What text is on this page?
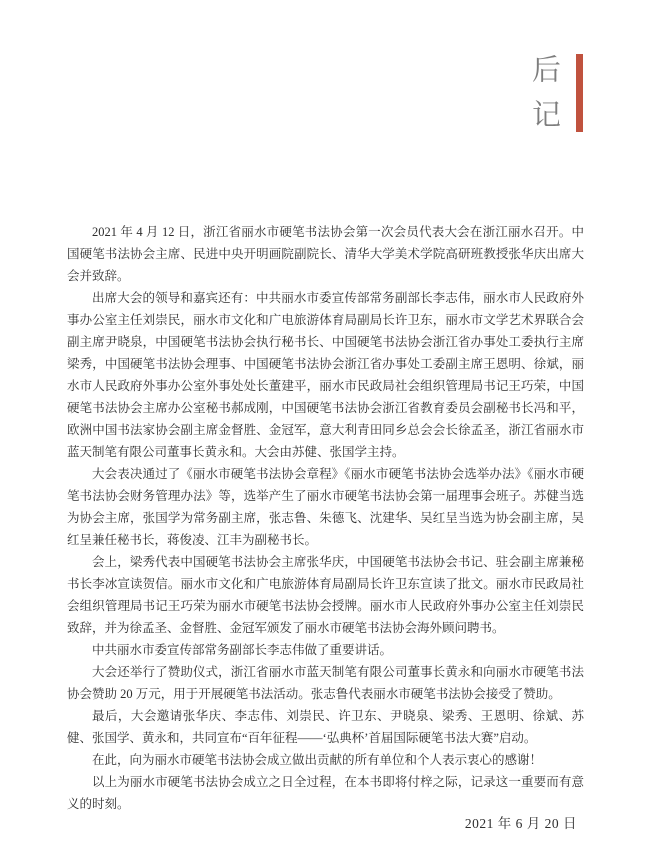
后记

2021 年 4 月 12 日，浙江省丽水市硬笔书法协会第一次会员代表大会在浙江丽水召开。中国硬笔书法协会主席、民进中央开明画院副院长、清华大学美术学院高研班教授张华庆出席大会并致辞。

出席大会的领导和嘉宾还有：中共丽水市委宣传部常务副部长李志伟，丽水市人民政府外事办公室主任刘崇民，丽水市文化和广电旅游体育局副局长许卫东，丽水市文学艺术界联合会副主席尹晓泉，中国硬笔书法协会执行秘书长、中国硬笔书法协会浙江省办事处工委执行主席梁秀，中国硬笔书法协会理事、中国硬笔书法协会浙江省办事处工委副主席王恩明、徐斌，丽水市人民政府外事办公室外事处处长董建平，丽水市民政局社会组织管理局书记王巧荣，中国硬笔书法协会主席办公室秘书郝成刚，中国硬笔书法协会浙江省教育委员会副秘书长冯和平，欧洲中国书法家协会副主席金督胜、金冠军，意大利青田同乡总会会长徐孟圣，浙江省丽水市蓝天制笔有限公司董事长黄永和。大会由苏健、张国学主持。

大会表决通过了《丽水市硬笔书法协会章程》《丽水市硬笔书法协会选举办法》《丽水市硬笔书法协会财务管理办法》等，选举产生了丽水市硬笔书法协会第一届理事会班子。苏健当选为协会主席，张国学为常务副主席，张志鲁、朱德飞、沈建华、吴红呈当选为协会副主席，吴红呈兼任秘书长，蒋俊凌、江丰为副秘书长。

会上，梁秀代表中国硬笔书法协会主席张华庆，中国硬笔书法协会书记、驻会副主席兼秘书长李冰宣读贺信。丽水市文化和广电旅游体育局副局长许卫东宣读了批文。丽水市民政局社会组织管理局书记王巧荣为丽水市硬笔书法协会授牌。丽水市人民政府外事办公室主任刘崇民致辞，并为徐孟圣、金督胜、金冠军颁发了丽水市硬笔书法协会海外顾问聘书。

中共丽水市委宣传部常务副部长李志伟做了重要讲话。

大会还举行了赞助仪式，浙江省丽水市蓝天制笔有限公司董事长黄永和向丽水市硬笔书法协会赞助 20 万元，用于开展硬笔书法活动。张志鲁代表丽水市硬笔书法协会接受了赞助。

最后，大会邀请张华庆、李志伟、刘崇民、许卫东、尹晓泉、梁秀、王恩明、徐斌、苏健、张国学、黄永和，共同宣布“百年征程——‘弘典杯’首届国际硬笔书法大赛”启动。

在此，向为丽水市硬笔书法协会成立做出贡献的所有单位和个人表示衷心的感谢！

以上为丽水市硬笔书法协会成立之日全过程，在本书即将付梓之际，记录这一重要而有意义的时刻。

2021 年 6 月 20 日
